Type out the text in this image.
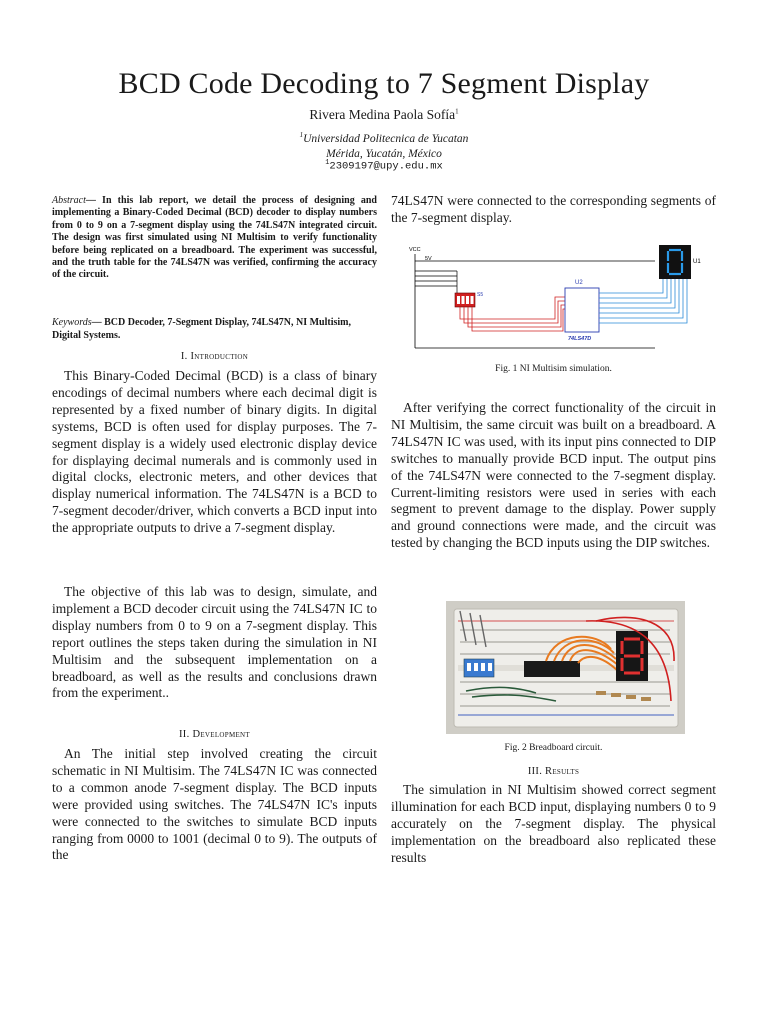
BCD Code Decoding to 7 Segment Display
Rivera Medina Paola Sofía$^1$
$^1$Universidad Politecnica de Yucatan
Mérida, Yucatán, México
$^1$2309197@upy.edu.mx
Abstract— In this lab report, we detail the process of designing and implementing a Binary-Coded Decimal (BCD) decoder to display numbers from 0 to 9 on a 7-segment display using the 74LS47N integrated circuit. The design was first simulated using NI Multisim to verify functionality before being replicated on a breadboard. The experiment was successful, and the truth table for the 74LS47N was verified, confirming the accuracy of the circuit.
Keywords— BCD Decoder, 7-Segment Display, 74LS47N, NI Multisim, Digital Systems.
I. Introduction
This Binary-Coded Decimal (BCD) is a class of binary encodings of decimal numbers where each decimal digit is represented by a fixed number of binary digits. In digital systems, BCD is often used for display purposes. The 7-segment display is a widely used electronic display device for displaying decimal numerals and is commonly used in digital clocks, electronic meters, and other devices that display numerical information. The 74LS47N is a BCD to 7-segment decoder/driver, which converts a BCD input into the appropriate outputs to drive a 7-segment display.
The objective of this lab was to design, simulate, and implement a BCD decoder circuit using the 74LS47N IC to display numbers from 0 to 9 on a 7-segment display. This report outlines the steps taken during the simulation in NI Multisim and the subsequent implementation on a breadboard, as well as the results and conclusions drawn from the experiment..
II. Development
An The initial step involved creating the circuit schematic in NI Multisim. The 74LS47N IC was connected to a common anode 7-segment display. The BCD inputs were provided using switches. The 74LS47N IC's inputs were connected to the switches to simulate BCD inputs ranging from 0000 to 1001 (decimal 0 to 9). The outputs of the
74LS47N were connected to the corresponding segments of the 7-segment display.
VCC
5V
S5
U2
74LS47D
U1
Fig. 1 NI Multisim simulation.
After verifying the correct functionality of the circuit in NI Multisim, the same circuit was built on a breadboard. A 74LS47N IC was used, with its input pins connected to DIP switches to manually provide BCD input. The output pins of the 74LS47N were connected to the 7-segment display. Current-limiting resistors were used in series with each segment to prevent damage to the display. Power supply and ground connections were made, and the circuit was tested by changing the BCD inputs using the DIP switches.
Fig. 2 Breadboard circuit.
III. Results
The simulation in NI Multisim showed correct segment illumination for each BCD input, displaying numbers 0 to 9 accurately on the 7-segment display. The physical implementation on the breadboard also replicated these results
